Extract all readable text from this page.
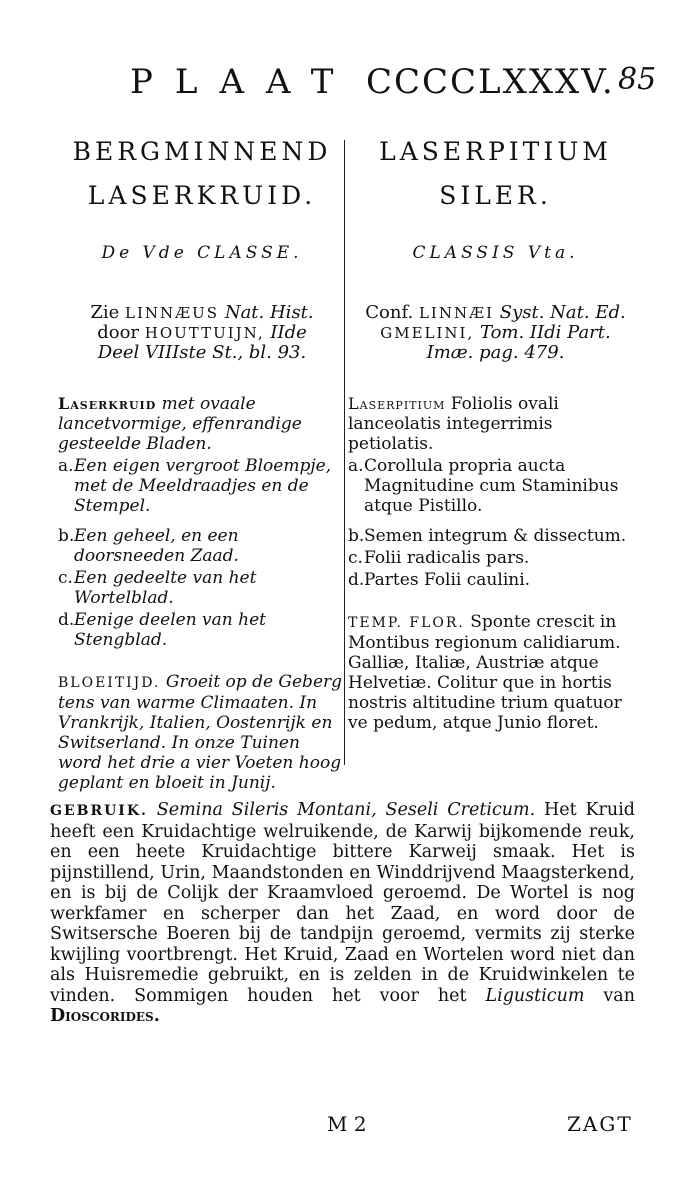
PLAAT CCCCLXXXV. 85
BERGMINNEND
LASERKRUID.
De Vde CLASSE.
Zie LINNÆUS Nat. Hist.
door HOUTTUIJN, IIde
Deel VIIIste St., bl. 93.
Laserkruid met ovaale lancetvormige, effenrandige gesteelde Bladen.
a. Een eigen vergroot Bloempje, met de Meeldraadjes en de Stempel.
b. Een geheel, en een doorsneeden Zaad.
c. Een gedeelte van het Wortelblad.
d. Eenige deelen van het Stengblad.
BLOEITIJD. Groeit op de Geberg tens van warme Climaaten. In Vrankrijk, Italien, Oostenrijk en Switserland. In onze Tuinen word het drie a vier Voeten hoog geplant en bloeit in Junij.
LASERPITIUM
SILER.
CLASSIS Vta.
Conf. LINNÆI Syst. Nat. Ed.
GMELINI, Tom. IIdi Part.
Imæ. pag. 479.
Laserpitium Foliolis ovali lanceolatis integerrimis petiolatis.
a. Corollula propria aucta Magnitudine cum Staminibus atque Pistillo.
b. Semen integrum & dissectum.
c. Folii radicalis pars.
d. Partes Folii caulini.
TEMP. FLOR. Sponte crescit in Montibus regionum calidiarum. Galliæ, Italiæ, Austriæ atque Helvetiæ. Colitur que in hortis nostris altitudine trium quatuor ve pedum, atque Junio floret.
GEBRUIK. Semina Sileris Montani, Seseli Creticum. Het Kruid heeft een Kruidachtige welruikende, de Karwij bijkomende reuk, en een heete Kruidachtige bittere Karweij smaak. Het is pijnstillend, Urin, Maandstonden en Winddrijvend Maagsterkend, en is bij de Colijk der Kraamvloed geroemd. De Wortel is nog werkfamer en scherper dan het Zaad, en word door de Switsersche Boeren bij de tandpijn geroemd, vermits zij sterke kwijling voortbrengt. Het Kruid, Zaad en Wortelen word niet dan als Huisremedie gebruikt, en is zelden in de Kruidwinkelen te vinden. Sommigen houden het voor het Ligusticum van Dioscorides.
M 2	ZAGT
